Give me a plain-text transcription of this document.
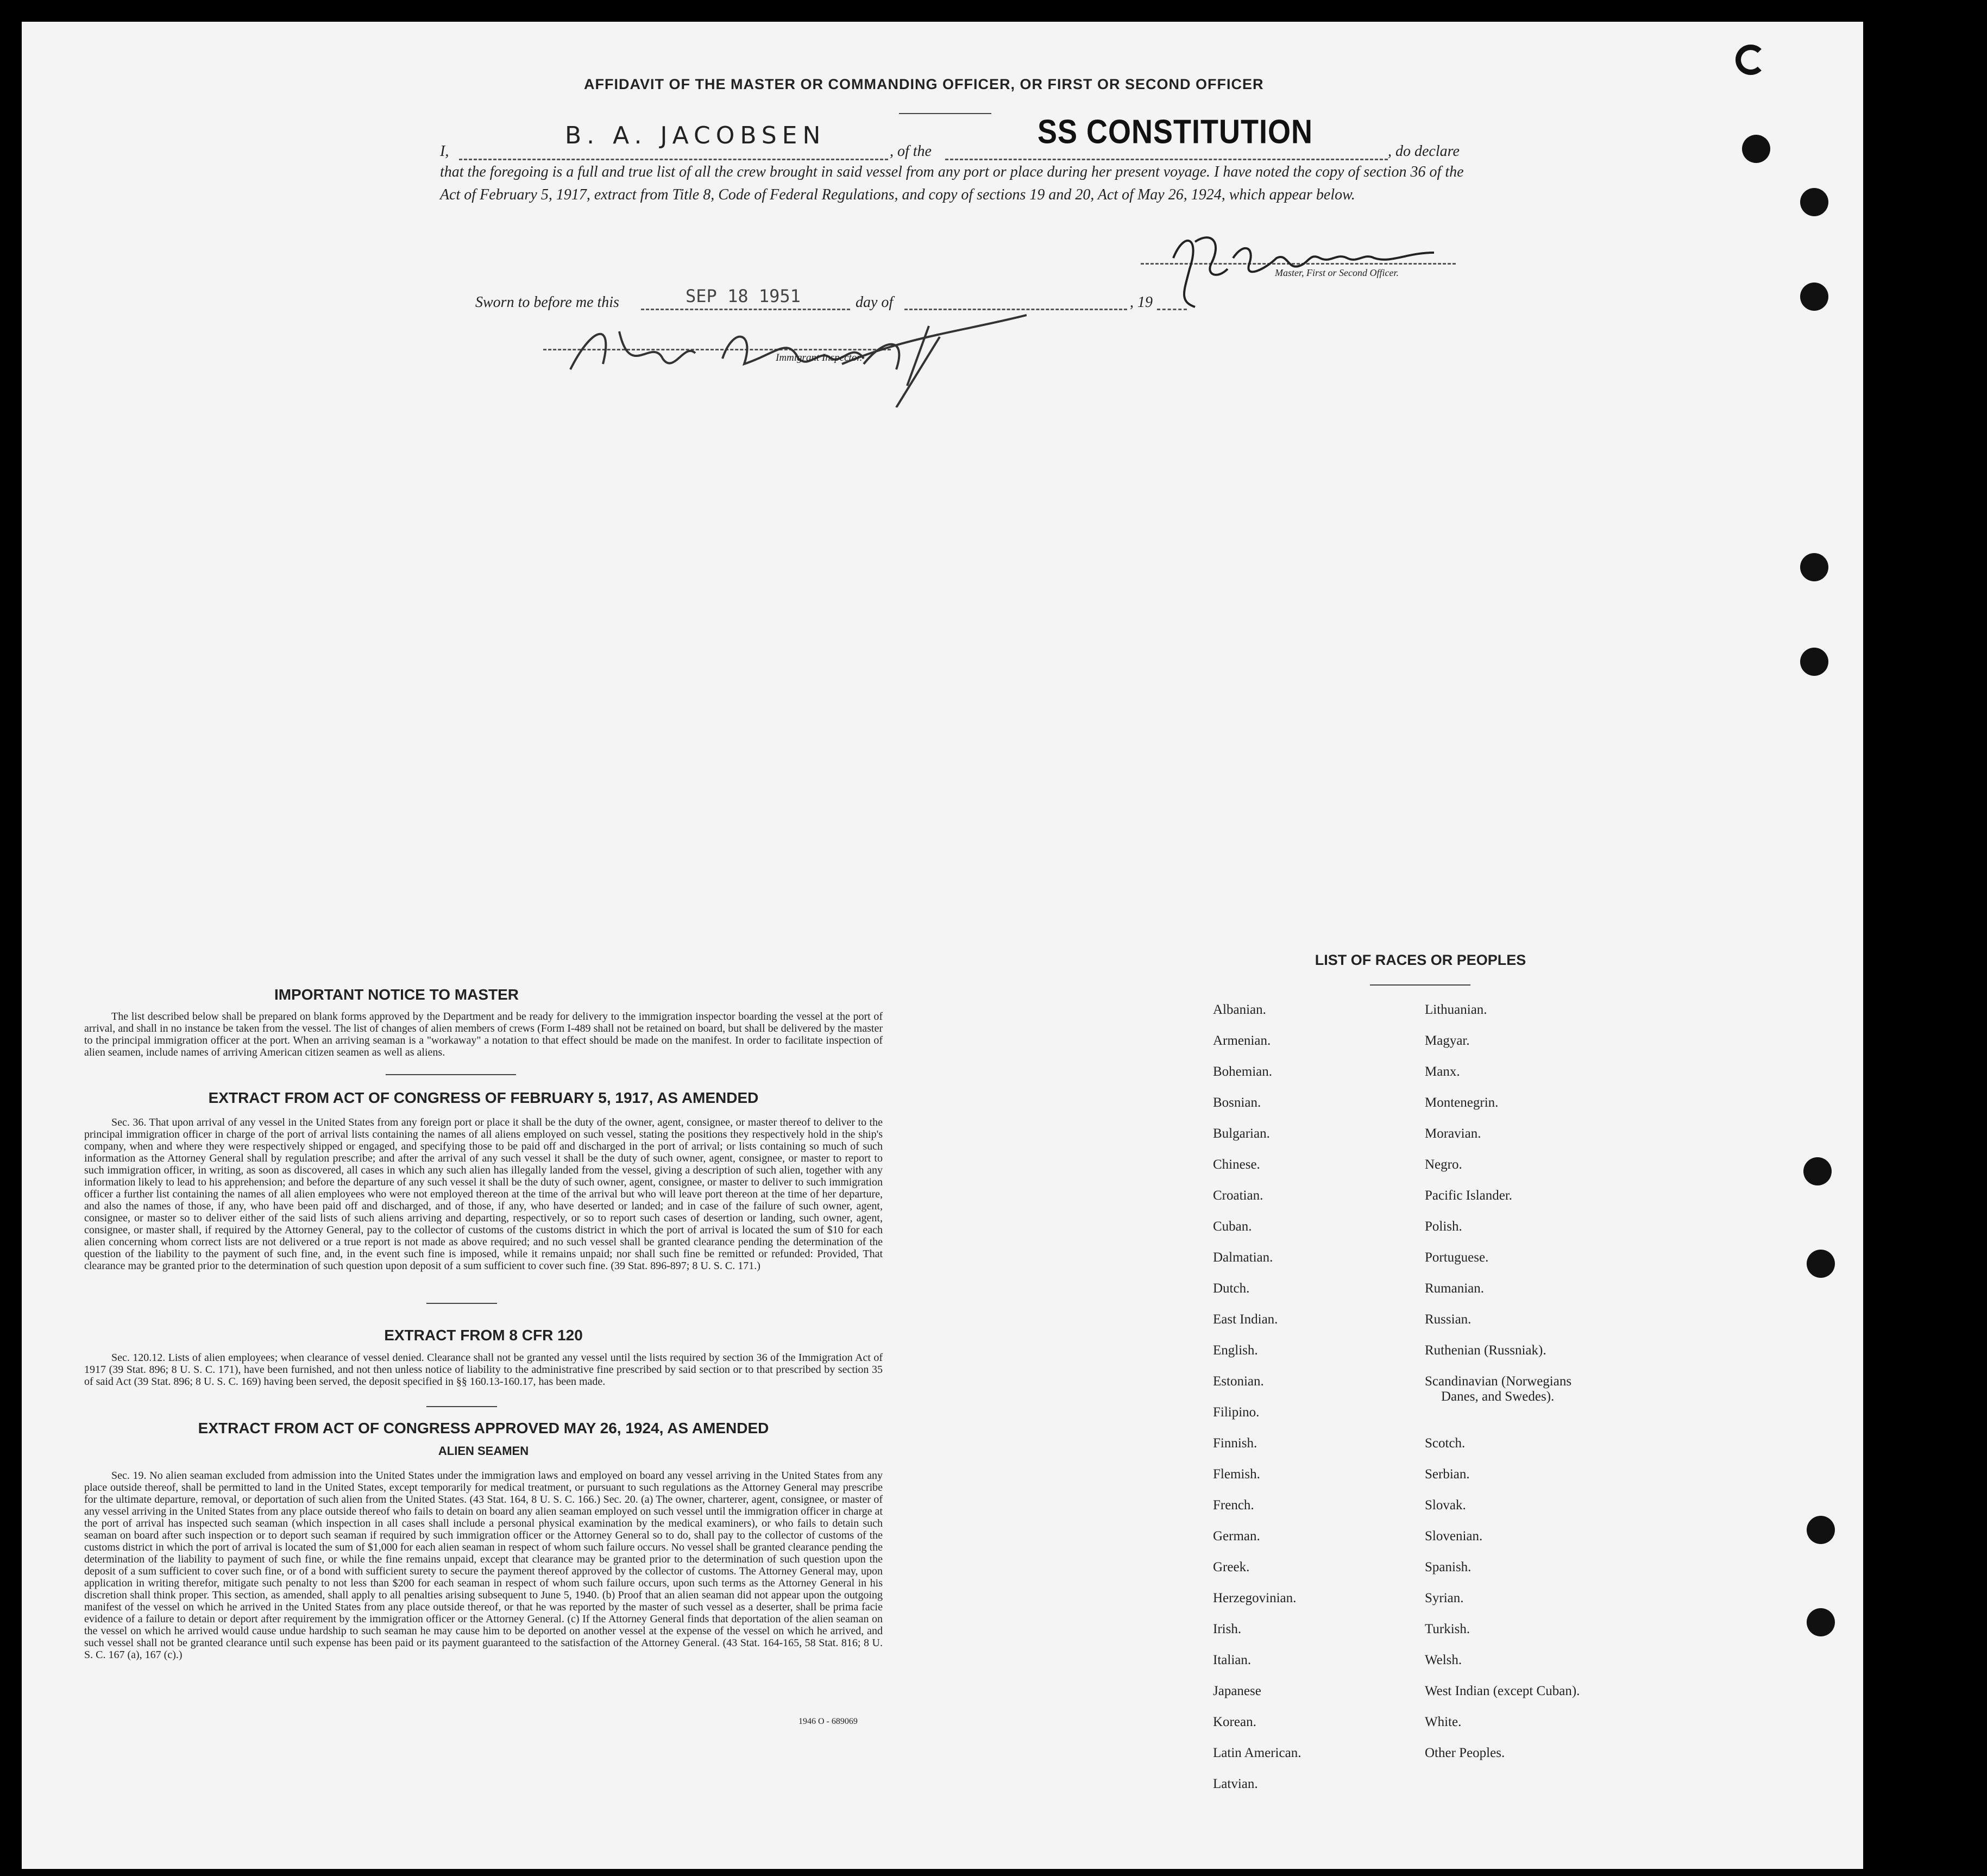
AFFIDAVIT OF THE MASTER OR COMMANDING OFFICER, OR FIRST OR SECOND OFFICER
I,
B. A. JACOBSEN
, of the
SS CONSTITUTION
, do declare
that the foregoing is a full and true list of all the crew brought in said vessel from any port or place during her present voyage. I have noted the copy of section 36 of the Act of February 5, 1917, extract from Title 8, Code of Federal Regulations, and copy of sections 19 and 20, Act of May 26, 1924, which appear below.
Master, First or Second Officer.
Sworn to before me this	SEP 18 1951	day of	, 19
Immigrant Inspector.
IMPORTANT NOTICE TO MASTER
The list described below shall be prepared on blank forms approved by the Department and be ready for delivery to the immigration inspector boarding the vessel at the port of arrival, and shall in no instance be taken from the vessel. The list of changes of alien members of crews (Form I-489 shall not be retained on board, but shall be delivered by the master to the principal immigration officer at the port. When an arriving seaman is a "workaway" a notation to that effect should be made on the manifest. In order to facilitate inspection of alien seamen, include names of arriving American citizen seamen as well as aliens.
EXTRACT FROM ACT OF CONGRESS OF FEBRUARY 5, 1917, AS AMENDED
Sec. 36. That upon arrival of any vessel in the United States from any foreign port or place it shall be the duty of the owner, agent, consignee, or master thereof to deliver to the principal immigration officer in charge of the port of arrival lists containing the names of all aliens employed on such vessel, stating the positions they respectively hold in the ship's company, when and where they were respectively shipped or engaged, and specifying those to be paid off and discharged in the port of arrival; or lists containing so much of such information as the Attorney General shall by regulation prescribe; and after the arrival of any such vessel it shall be the duty of such owner, agent, consignee, or master to report to such immigration officer, in writing, as soon as discovered, all cases in which any such alien has illegally landed from the vessel, giving a description of such alien, together with any information likely to lead to his apprehension; and before the departure of any such vessel it shall be the duty of such owner, agent, consignee, or master to deliver to such immigration officer a further list containing the names of all alien employees who were not employed thereon at the time of the arrival but who will leave port thereon at the time of her departure, and also the names of those, if any, who have been paid off and discharged, and of those, if any, who have deserted or landed; and in case of the failure of such owner, agent, consignee, or master so to deliver either of the said lists of such aliens arriving and departing, respectively, or so to report such cases of desertion or landing, such owner, agent, consignee, or master shall, if required by the Attorney General, pay to the collector of customs of the customs district in which the port of arrival is located the sum of $10 for each alien concerning whom correct lists are not delivered or a true report is not made as above required; and no such vessel shall be granted clearance pending the determination of the question of the liability to the payment of such fine, and, in the event such fine is imposed, while it remains unpaid; nor shall such fine be remitted or refunded: Provided, That clearance may be granted prior to the determination of such question upon deposit of a sum sufficient to cover such fine. (39 Stat. 896-897; 8 U. S. C. 171.)
EXTRACT FROM 8 CFR 120
Sec. 120.12. Lists of alien employees; when clearance of vessel denied. Clearance shall not be granted any vessel until the lists required by section 36 of the Immigration Act of 1917 (39 Stat. 896; 8 U. S. C. 171), have been furnished, and not then unless notice of liability to the administrative fine prescribed by said section or to that prescribed by section 35 of said Act (39 Stat. 896; 8 U. S. C. 169) having been served, the deposit specified in §§ 160.13-160.17, has been made.
EXTRACT FROM ACT OF CONGRESS APPROVED MAY 26, 1924, AS AMENDED
ALIEN SEAMEN
Sec. 19. No alien seaman excluded from admission into the United States under the immigration laws and employed on board any vessel arriving in the United States from any place outside thereof, shall be permitted to land in the United States, except temporarily for medical treatment, or pursuant to such regulations as the Attorney General may prescribe for the ultimate departure, removal, or deportation of such alien from the United States. (43 Stat. 164, 8 U. S. C. 166.) Sec. 20. (a) The owner, charterer, agent, consignee, or master of any vessel arriving in the United States from any place outside thereof who fails to detain on board any alien seaman employed on such vessel until the immigration officer in charge at the port of arrival has inspected such seaman (which inspection in all cases shall include a personal physical examination by the medical examiners), or who fails to detain such seaman on board after such inspection or to deport such seaman if required by such immigration officer or the Attorney General so to do, shall pay to the collector of customs of the customs district in which the port of arrival is located the sum of $1,000 for each alien seaman in respect of whom such failure occurs. No vessel shall be granted clearance pending the determination of the liability to payment of such fine, or while the fine remains unpaid, except that clearance may be granted prior to the determination of such question upon the deposit of a sum sufficient to cover such fine, or of a bond with sufficient surety to secure the payment thereof approved by the collector of customs. The Attorney General may, upon application in writing therefor, mitigate such penalty to not less than $200 for each seaman in respect of whom such failure occurs, upon such terms as the Attorney General in his discretion shall think proper. This section, as amended, shall apply to all penalties arising subsequent to June 5, 1940. (b) Proof that an alien seaman did not appear upon the outgoing manifest of the vessel on which he arrived in the United States from any place outside thereof, or that he was reported by the master of such vessel as a deserter, shall be prima facie evidence of a failure to detain or deport after requirement by the immigration officer or the Attorney General. (c) If the Attorney General finds that deportation of the alien seaman on the vessel on which he arrived would cause undue hardship to such seaman he may cause him to be deported on another vessel at the expense of the vessel on which he arrived, and such vessel shall not be granted clearance until such expense has been paid or its payment guaranteed to the satisfaction of the Attorney General. (43 Stat. 164-165, 58 Stat. 816; 8 U. S. C. 167 (a), 167 (c).)
1946 O - 689069
LIST OF RACES OR PEOPLES
Albanian.
Armenian.
Bohemian.
Bosnian.
Bulgarian.
Chinese.
Croatian.
Cuban.
Dalmatian.
Dutch.
East Indian.
English.
Estonian.
Filipino.
Finnish.
Flemish.
French.
German.
Greek.
Herzegovinian.
Irish.
Italian.
Japanese
Korean.
Latin American.
Latvian.
Lithuanian.
Magyar.
Manx.
Montenegrin.
Moravian.
Negro.
Pacific Islander.
Polish.
Portuguese.
Rumanian.
Russian.
Ruthenian (Russniak).
Scandinavian (Norwegians
Danes, and Swedes).
Scotch.
Serbian.
Slovak.
Slovenian.
Spanish.
Syrian.
Turkish.
Welsh.
West Indian (except Cuban).
White.
Other Peoples.
